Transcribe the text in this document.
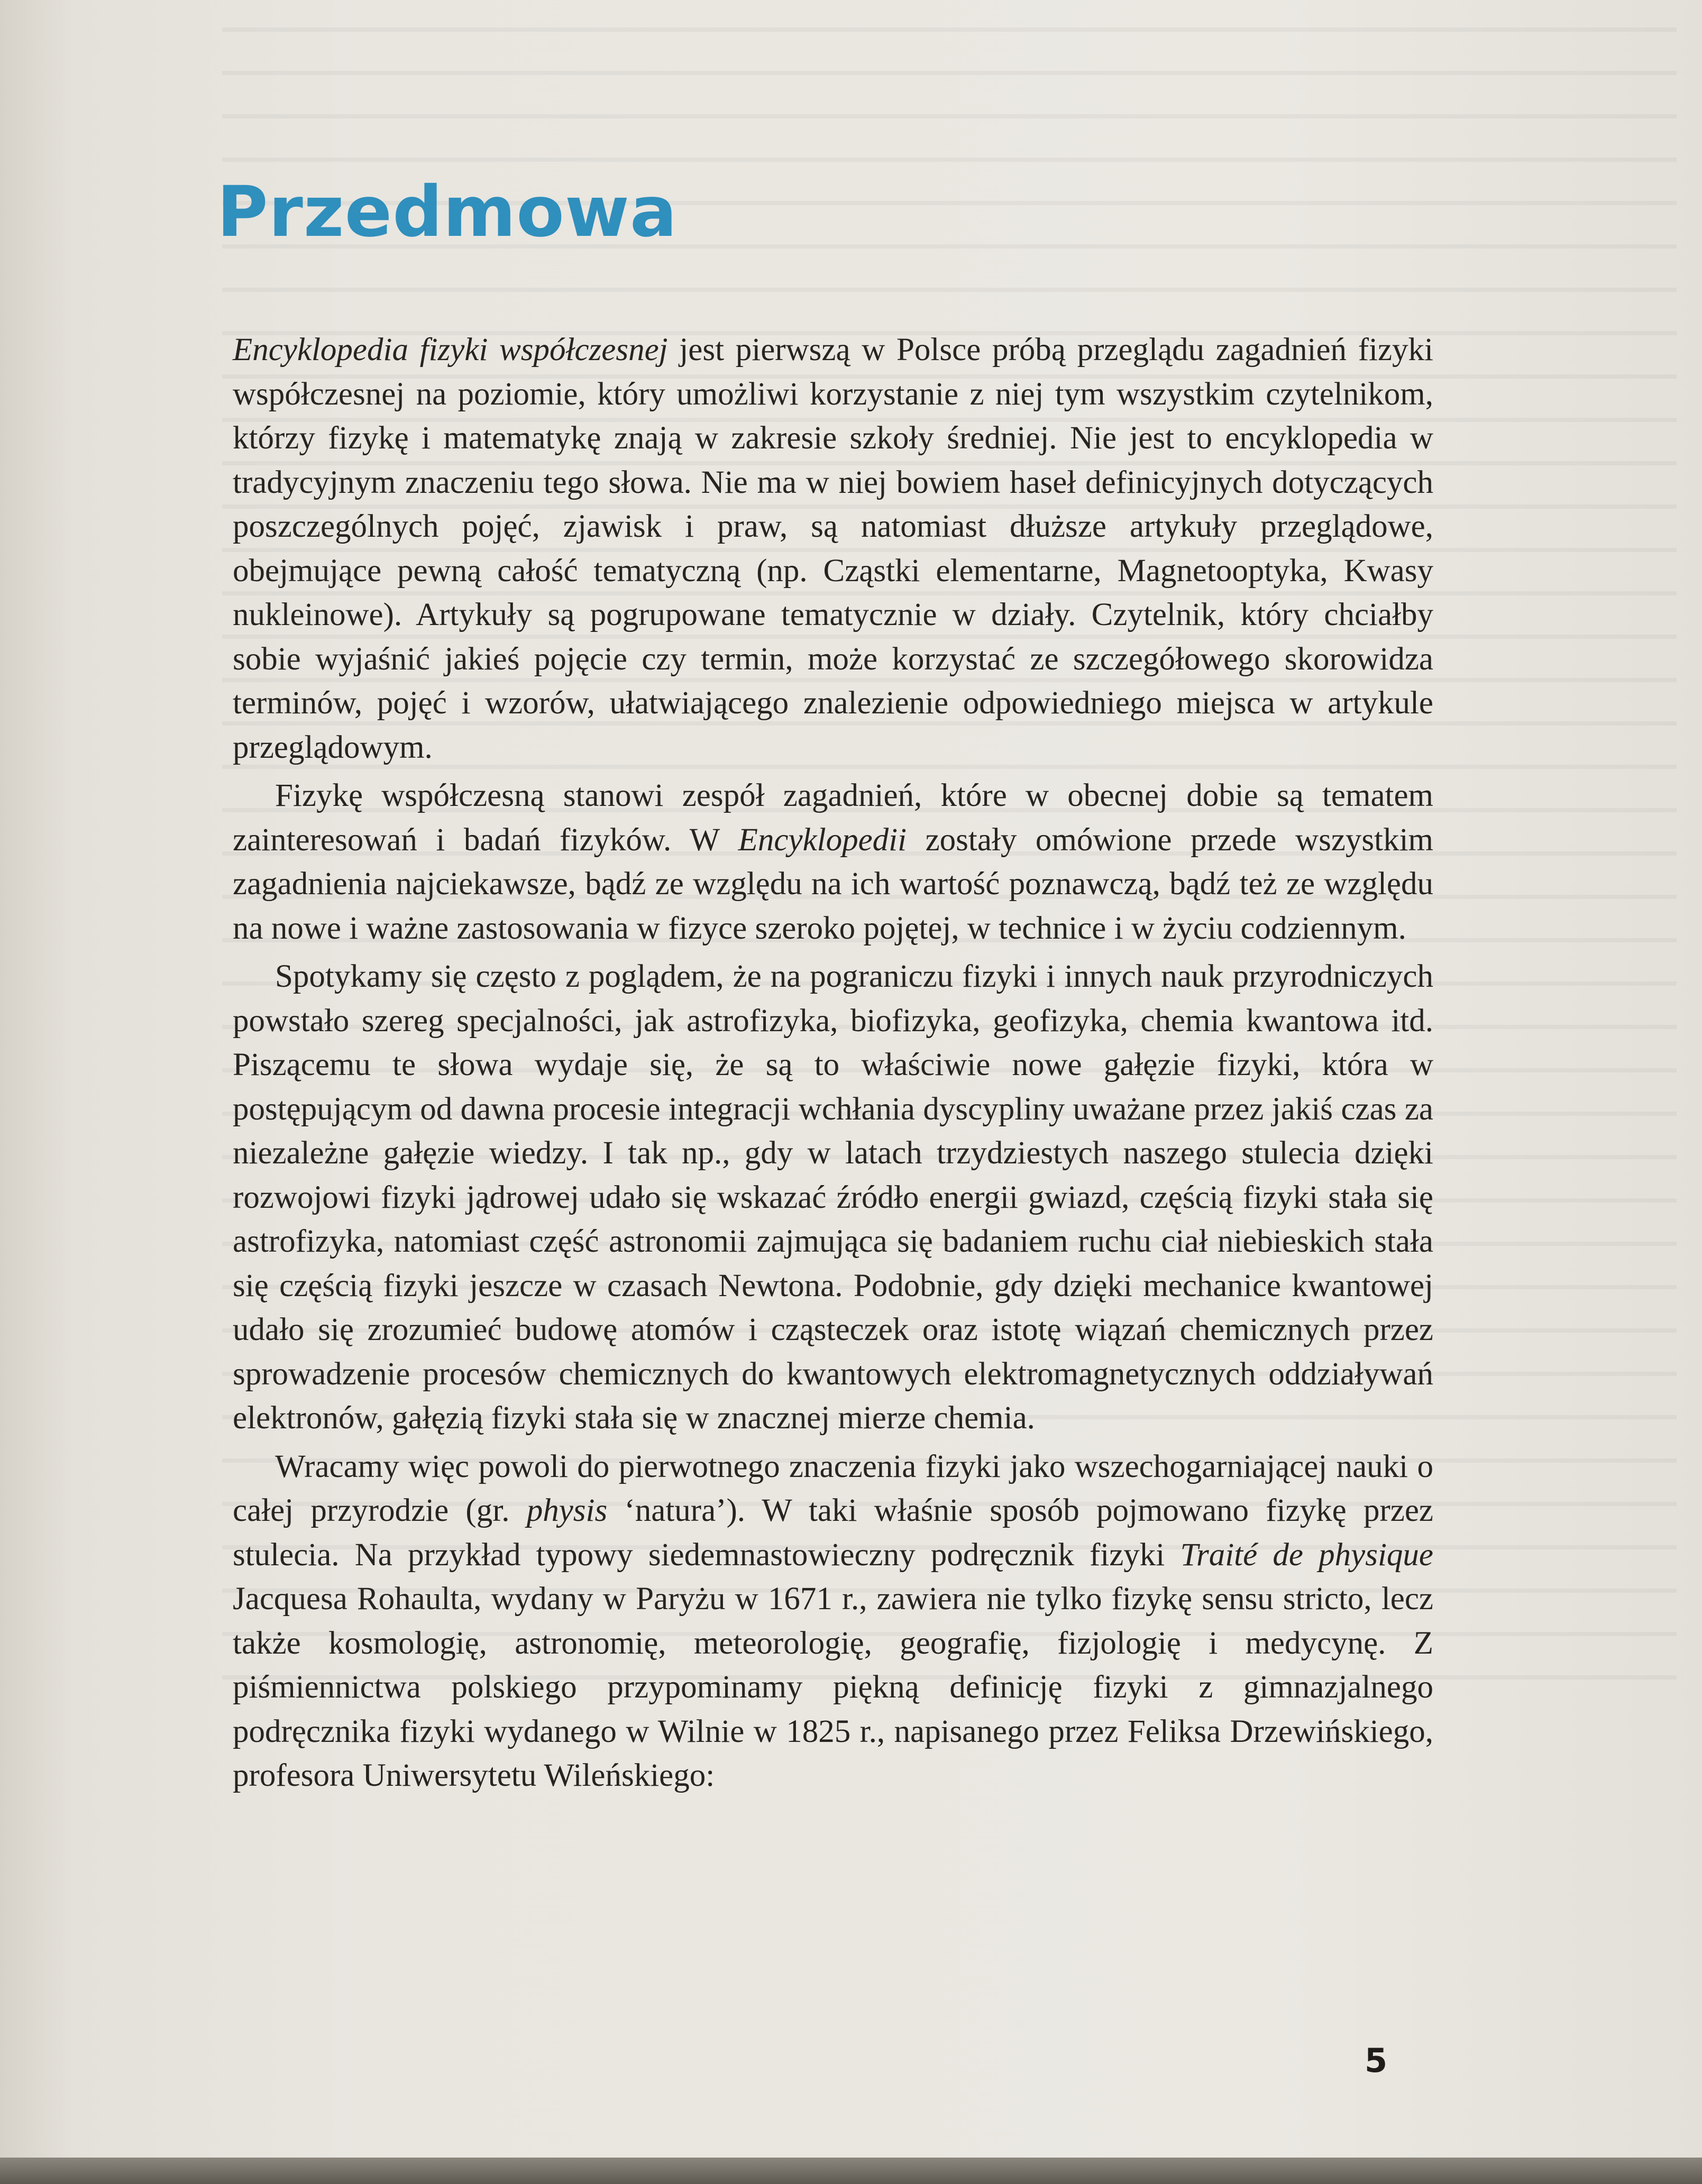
Przedmowa

Encyklopedia fizyki współczesnej jest pierwszą w Polsce próbą przeglądu zagadnień fizyki współczesnej na poziomie, który umożliwi korzystanie z niej tym wszystkim czytelnikom, którzy fizykę i matematykę znają w zakresie szkoły średniej. Nie jest to encyklopedia w tradycyjnym znaczeniu tego słowa. Nie ma w niej bowiem haseł definicyjnych dotyczących poszczególnych pojęć, zjawisk i praw, są natomiast dłuższe artykuły przeglądowe, obejmujące pewną całość tematyczną (np. Cząstki elementarne, Magnetooptyka, Kwasy nukleinowe). Artykuły są pogrupowane tematycznie w działy. Czytelnik, który chciałby sobie wyjaśnić jakieś pojęcie czy termin, może korzystać ze szczegółowego skorowidza terminów, pojęć i wzorów, ułatwiającego znalezienie odpowiedniego miejsca w artykule przeglądowym.

Fizykę współczesną stanowi zespół zagadnień, które w obecnej dobie są tematem zainteresowań i badań fizyków. W Encyklopedii zostały omówione przede wszystkim zagadnienia najciekawsze, bądź ze względu na ich wartość poznawczą, bądź też ze względu na nowe i ważne zastosowania w fizyce szeroko pojętej, w technice i w życiu codziennym.

Spotykamy się często z poglądem, że na pograniczu fizyki i innych nauk przyrodniczych powstało szereg specjalności, jak astrofizyka, biofizyka, geofizyka, chemia kwantowa itd. Piszącemu te słowa wydaje się, że są to właściwie nowe gałęzie fizyki, która w postępującym od dawna procesie integracji wchłania dyscypliny uważane przez jakiś czas za niezależne gałęzie wiedzy. I tak np., gdy w latach trzydziestych naszego stulecia dzięki rozwojowi fizyki jądrowej udało się wskazać źródło energii gwiazd, częścią fizyki stała się astrofizyka, natomiast część astronomii zajmująca się badaniem ruchu ciał niebieskich stała się częścią fizyki jeszcze w czasach Newtona. Podobnie, gdy dzięki mechanice kwantowej udało się zrozumieć budowę atomów i cząsteczek oraz istotę wiązań chemicznych przez sprowadzenie procesów chemicznych do kwantowych elektromagnetycznych oddziaływań elektronów, gałęzią fizyki stała się w znacznej mierze chemia.

Wracamy więc powoli do pierwotnego znaczenia fizyki jako wszechogarniającej nauki o całej przyrodzie (gr. physis ‘natura’). W taki właśnie sposób pojmowano fizykę przez stulecia. Na przykład typowy siedemnastowieczny podręcznik fizyki Traité de physique Jacquesa Rohaulta, wydany w Paryżu w 1671 r., zawiera nie tylko fizykę sensu stricto, lecz także kosmologię, astronomię, meteorologię, geografię, fizjologię i medycynę. Z piśmiennictwa polskiego przypominamy piękną definicję fizyki z gimnazjalnego podręcznika fizyki wydanego w Wilnie w 1825 r., napisanego przez Feliksa Drzewińskiego, profesora Uniwersytetu Wileńskiego:

5
